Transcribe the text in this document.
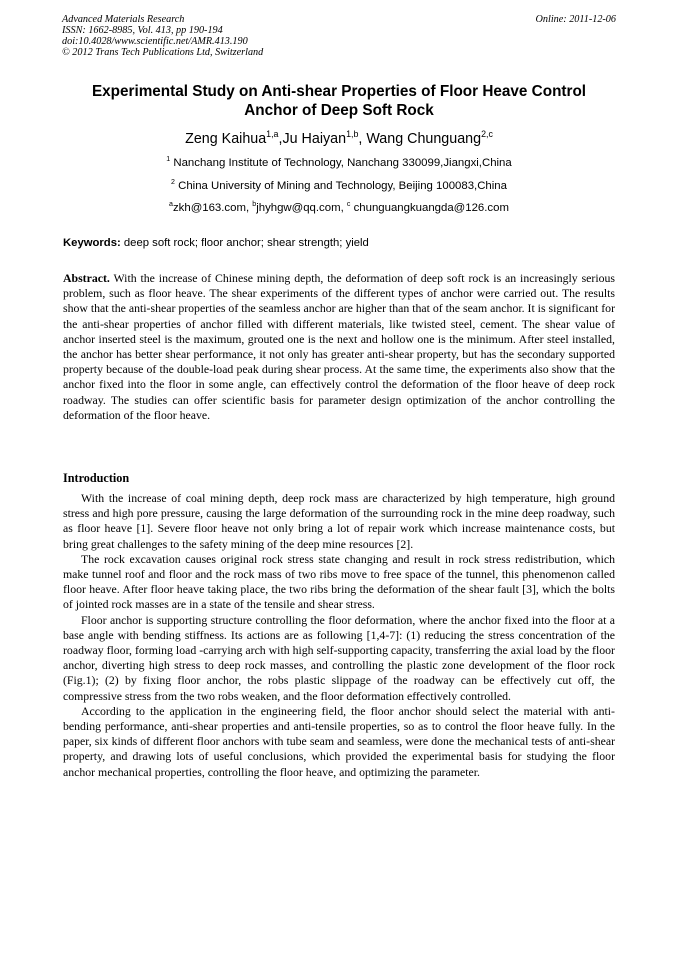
Advanced Materials Research
ISSN: 1662-8985, Vol. 413, pp 190-194
doi:10.4028/www.scientific.net/AMR.413.190
© 2012 Trans Tech Publications Ltd, Switzerland
Online: 2011-12-06
Experimental Study on Anti-shear Properties of Floor Heave Control
Anchor of Deep Soft Rock
Zeng Kaihua$^{1,a}$,Ju Haiyan$^{1,b}$, Wang Chunguang$^{2,c}$
$^1$ Nanchang Institute of Technology, Nanchang 330099,Jiangxi,China
$^2$ China University of Mining and Technology, Beijing 100083,China
$^a$zkh@163.com, $^b$jhyhgw@qq.com, $^c$ chunguangkuangda@126.com
Keywords: deep soft rock; floor anchor; shear strength; yield

Abstract. With the increase of Chinese mining depth, the deformation of deep soft rock is an increasingly serious problem, such as floor heave. The shear experiments of the different types of anchor were carried out. The results show that the anti-shear properties of the seamless anchor are higher than that of the seam anchor. It is significant for the anti-shear properties of anchor filled with different materials, like twisted steel, cement. The shear value of anchor inserted steel is the maximum, grouted one is the next and hollow one is the minimum. After steel installed, the anchor has better shear performance, it not only has greater anti-shear property, but has the secondary supported property because of the double-load peak during shear process. At the same time, the experiments also show that the anchor fixed into the floor in some angle, can effectively control the deformation of the floor heave of deep rock roadway. The studies can offer scientific basis for parameter design optimization of the anchor controlling the deformation of the floor heave.

Introduction

With the increase of coal mining depth, deep rock mass are characterized by high temperature, high ground stress and high pore pressure, causing the large deformation of the surrounding rock in the mine deep roadway, such as floor heave [1]. Severe floor heave not only bring a lot of repair work which increase maintenance costs, but bring great challenges to the safety mining of the deep mine resources [2].

The rock excavation causes original rock stress state changing and result in rock stress redistribution, which make tunnel roof and floor and the rock mass of two ribs move to free space of the tunnel, this phenomenon called floor heave. After floor heave taking place, the two ribs bring the deformation of the shear fault [3], which the bolts of jointed rock masses are in a state of the tensile and shear stress.

Floor anchor is supporting structure controlling the floor deformation, where the anchor fixed into the floor at a base angle with bending stiffness. Its actions are as following [1,4-7]: (1) reducing the stress concentration of the roadway floor, forming load -carrying arch with high self-supporting capacity, transferring the axial load by the floor anchor, diverting high stress to deep rock masses, and controlling the plastic zone development of the floor rock (Fig.1); (2) by fixing floor anchor, the robs plastic slippage of the roadway can be effectively cut off, the compressive stress from the two robs weaken, and the floor deformation effectively controlled.

According to the application in the engineering field, the floor anchor should select the material with anti-bending performance, anti-shear properties and anti-tensile properties, so as to control the floor heave fully. In the paper, six kinds of different floor anchors with tube seam and seamless, were done the mechanical tests of anti-shear property, and drawing lots of useful conclusions, which provided the experimental basis for studying the floor anchor mechanical properties, controlling the floor heave, and optimizing the parameter.
